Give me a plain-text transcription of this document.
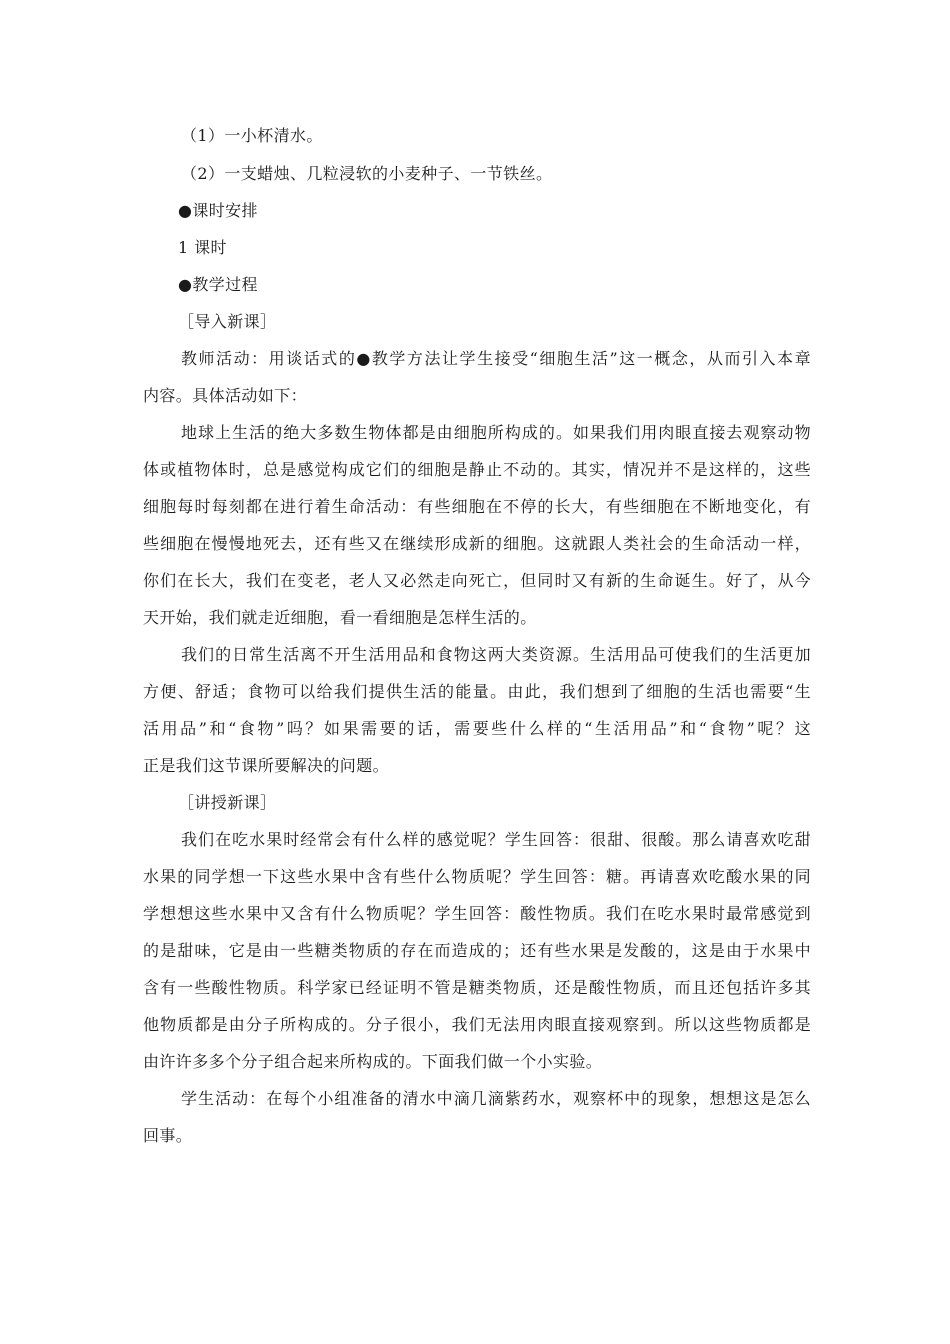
（1）一小杯清水。
（2）一支蜡烛、几粒浸软的小麦种子、一节铁丝。
●课时安排
1 课时
●教学过程
［导入新课］
教师活动：用谈话式的●教学方法让学生接受“细胞生活”这一概念，从而引入本章
内容。具体活动如下：
地球上生活的绝大多数生物体都是由细胞所构成的。如果我们用肉眼直接去观察动物
体或植物体时，总是感觉构成它们的细胞是静止不动的。其实，情况并不是这样的，这些
细胞每时每刻都在进行着生命活动：有些细胞在不停的长大，有些细胞在不断地变化，有
些细胞在慢慢地死去，还有些又在继续形成新的细胞。这就跟人类社会的生命活动一样，
你们在长大，我们在变老，老人又必然走向死亡，但同时又有新的生命诞生。好了，从今
天开始，我们就走近细胞，看一看细胞是怎样生活的。
我们的日常生活离不开生活用品和食物这两大类资源。生活用品可使我们的生活更加
方便、舒适；食物可以给我们提供生活的能量。由此，我们想到了细胞的生活也需要“生
活用品”和“食物”吗？如果需要的话，需要些什么样的“生活用品”和“食物”呢？这
正是我们这节课所要解决的问题。
［讲授新课］
我们在吃水果时经常会有什么样的感觉呢？学生回答：很甜、很酸。那么请喜欢吃甜
水果的同学想一下这些水果中含有些什么物质呢？学生回答：糖。再请喜欢吃酸水果的同
学想想这些水果中又含有什么物质呢？学生回答：酸性物质。我们在吃水果时最常感觉到
的是甜味，它是由一些糖类物质的存在而造成的；还有些水果是发酸的，这是由于水果中
含有一些酸性物质。科学家已经证明不管是糖类物质，还是酸性物质，而且还包括许多其
他物质都是由分子所构成的。分子很小，我们无法用肉眼直接观察到。所以这些物质都是
由许许多多个分子组合起来所构成的。下面我们做一个小实验。
学生活动：在每个小组准备的清水中滴几滴紫药水，观察杯中的现象，想想这是怎么
回事。
